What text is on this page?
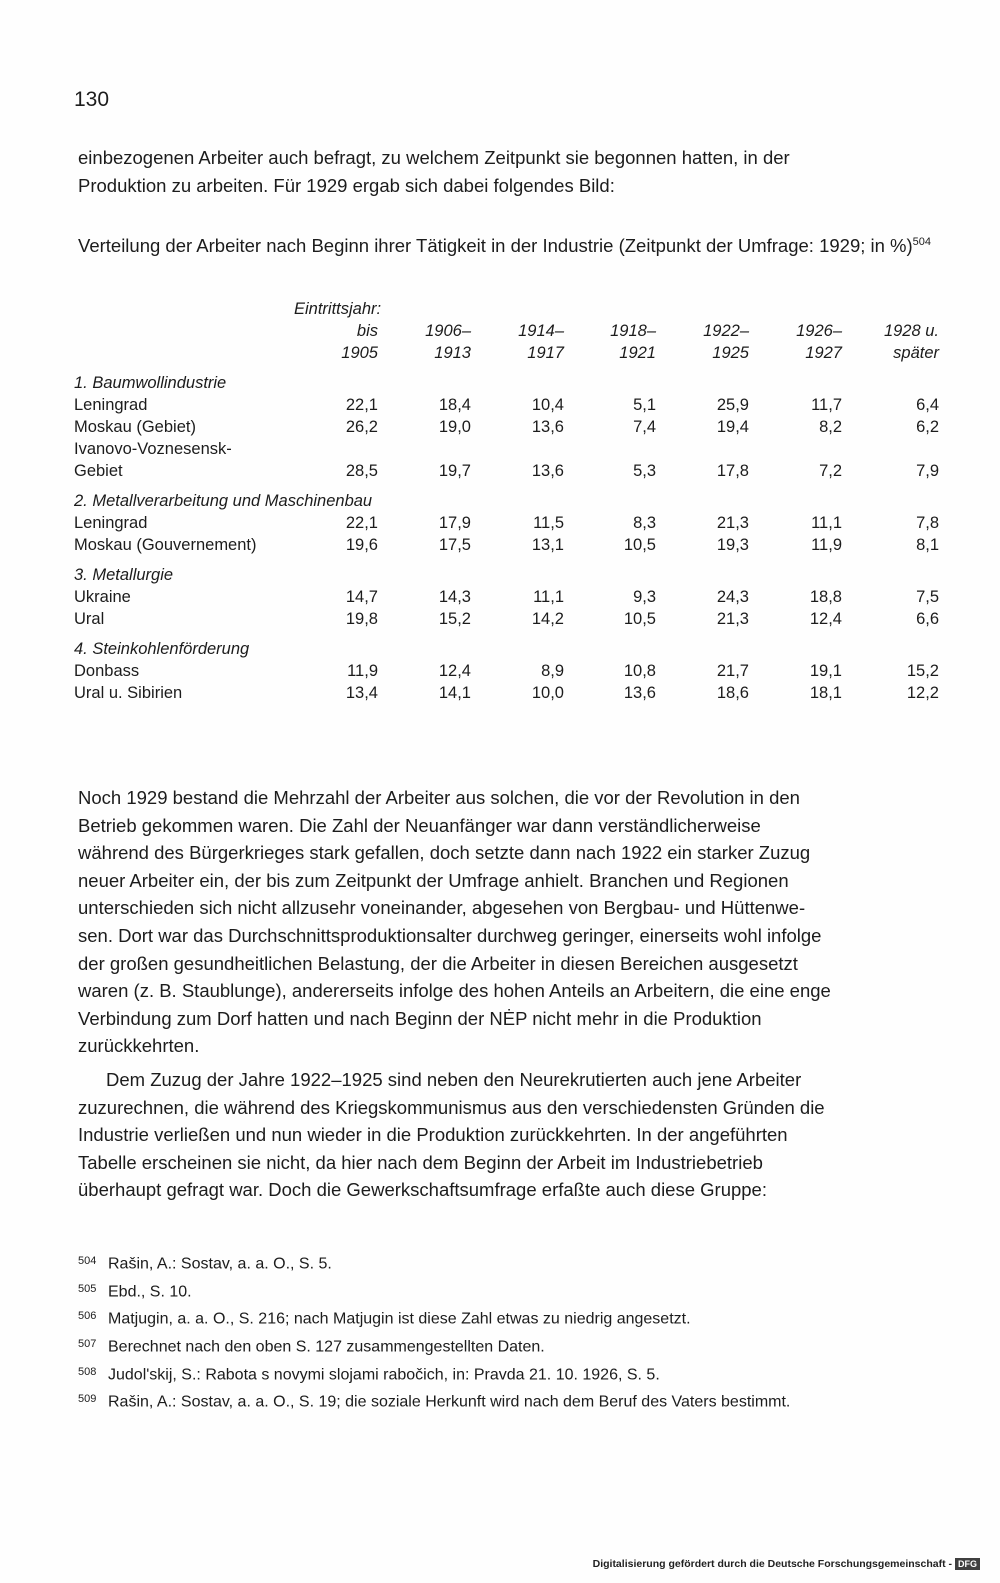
130

einbezogenen Arbeiter auch befragt, zu welchem Zeitpunkt sie begonnen hatten, in der
Produktion zu arbeiten. Für 1929 ergab sich dabei folgendes Bild:

Verteilung der Arbeiter nach Beginn ihrer Tätigkeit in der Industrie (Zeitpunkt der Umfrage: 1929; in %)$^{504}$
	Eintrittsjahr:						
	bis	1906–	1914–	1918–	1922–	1926–	1928 u.
	1905	1913	1917	1921	1925	1927	später
1. Baumwollindustrie							
Leningrad	22,1	18,4	10,4	5,1	25,9	11,7	6,4
Moskau (Gebiet)	26,2	19,0	13,6	7,4	19,4	8,2	6,2
Ivanovo-Voznesensk-							
Gebiet	28,5	19,7	13,6	5,3	17,8	7,2	7,9
2. Metallverarbeitung und Maschinenbau							
Leningrad	22,1	17,9	11,5	8,3	21,3	11,1	7,8
Moskau (Gouvernement)	19,6	17,5	13,1	10,5	19,3	11,9	8,1
3. Metallurgie							
Ukraine	14,7	14,3	11,1	9,3	24,3	18,8	7,5
Ural	19,8	15,2	14,2	10,5	21,3	12,4	6,6
4. Steinkohlenförderung							
Donbass	11,9	12,4	8,9	10,8	21,7	19,1	15,2
Ural u. Sibirien	13,4	14,1	10,0	13,6	18,6	18,1	12,2

Noch 1929 bestand die Mehrzahl der Arbeiter aus solchen, die vor der Revolution in den
Betrieb gekommen waren. Die Zahl der Neuanfänger war dann verständlicherweise
während des Bürgerkrieges stark gefallen, doch setzte dann nach 1922 ein starker Zuzug
neuer Arbeiter ein, der bis zum Zeitpunkt der Umfrage anhielt. Branchen und Regionen
unterschieden sich nicht allzusehr voneinander, abgesehen von Bergbau- und Hüttenwe-
sen. Dort war das Durchschnittsproduktionsalter durchweg geringer, einerseits wohl infolge
der großen gesundheitlichen Belastung, der die Arbeiter in diesen Bereichen ausgesetzt
waren (z. B. Staublunge), andererseits infolge des hohen Anteils an Arbeitern, die eine enge
Verbindung zum Dorf hatten und nach Beginn der NĖP nicht mehr in die Produktion
zurückkehrten.

Dem Zuzug der Jahre 1922–1925 sind neben den Neurekrutierten auch jene Arbeiter
zuzurechnen, die während des Kriegskommunismus aus den verschiedensten Gründen die
Industrie verließen und nun wieder in die Produktion zurückkehrten. In der angeführten
Tabelle erscheinen sie nicht, da hier nach dem Beginn der Arbeit im Industriebetrieb
überhaupt gefragt war. Doch die Gewerkschaftsumfrage erfaßte auch diese Gruppe:

504 Rašin, A.: Sostav, a. a. O., S. 5.
505 Ebd., S. 10.
506 Matjugin, a. a. O., S. 216; nach Matjugin ist diese Zahl etwas zu niedrig angesetzt.
507 Berechnet nach den oben S. 127 zusammengestellten Daten.
508 Judol'skij, S.: Rabota s novymi slojami rabočich, in: Pravda 21. 10. 1926, S. 5.
509 Rašin, A.: Sostav, a. a. O., S. 19; die soziale Herkunft wird nach dem Beruf des Vaters bestimmt.
Digitalisierung gefördert durch die Deutsche Forschungsgemeinschaft - DFG
